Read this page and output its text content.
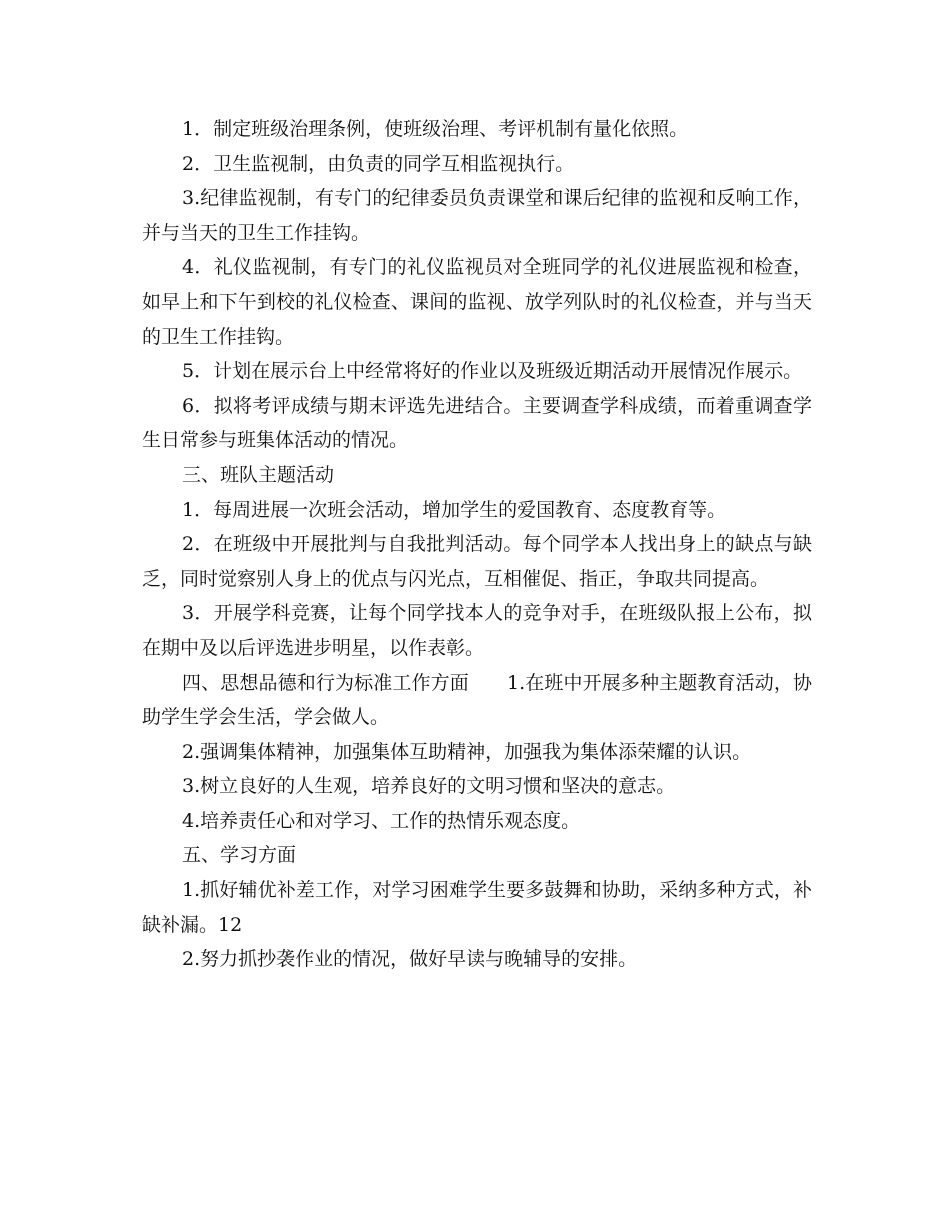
1．制定班级治理条例，使班级治理、考评机制有量化依照。

2．卫生监视制，由负责的同学互相监视执行。

3.纪律监视制，有专门的纪律委员负责课堂和课后纪律的监视和反响工作，并与当天的卫生工作挂钩。

4．礼仪监视制，有专门的礼仪监视员对全班同学的礼仪进展监视和检查，如早上和下午到校的礼仪检查、课间的监视、放学列队时的礼仪检查，并与当天的卫生工作挂钩。

5．计划在展示台上中经常将好的作业以及班级近期活动开展情况作展示。

6．拟将考评成绩与期末评选先进结合。主要调查学科成绩，而着重调查学生日常参与班集体活动的情况。

三、班队主题活动

1．每周进展一次班会活动，增加学生的爱国教育、态度教育等。

2．在班级中开展批判与自我批判活动。每个同学本人找出身上的缺点与缺乏，同时觉察别人身上的优点与闪光点，互相催促、指正，争取共同提高。

3．开展学科竞赛，让每个同学找本人的竞争对手，在班级队报上公布，拟在期中及以后评选进步明星，以作表彰。

四、思想品德和行为标准工作方面　　1.在班中开展多种主题教育活动，协助学生学会生活，学会做人。

2.强调集体精神，加强集体互助精神，加强我为集体添荣耀的认识。

3.树立良好的人生观，培养良好的文明习惯和坚决的意志。

4.培养责任心和对学习、工作的热情乐观态度。

五、学习方面

1.抓好辅优补差工作，对学习困难学生要多鼓舞和协助，采纳多种方式，补缺补漏。12

2.努力抓抄袭作业的情况，做好早读与晚辅导的安排。
